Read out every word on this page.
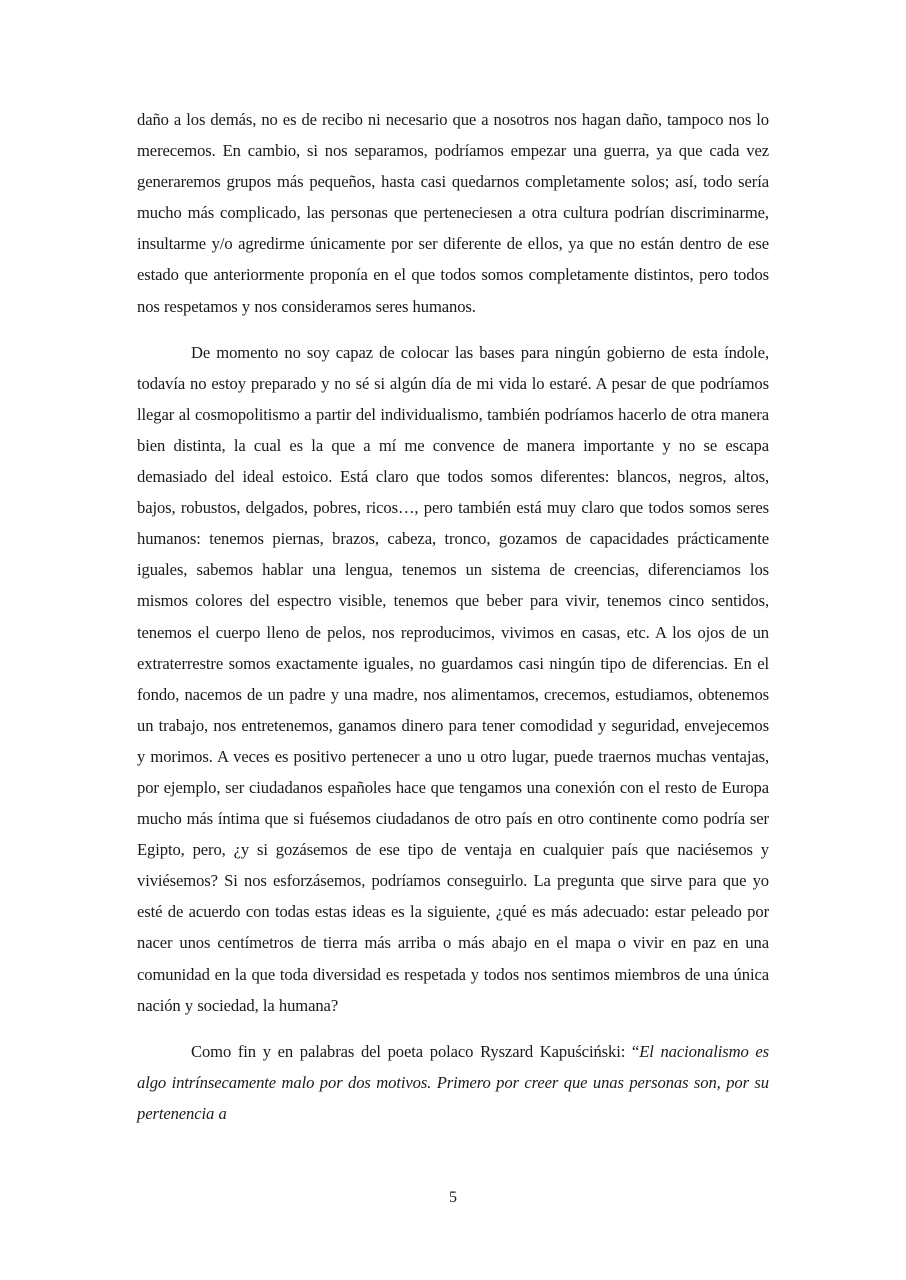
daño a los demás, no es de recibo ni necesario que a nosotros nos hagan daño, tampoco nos lo merecemos. En cambio, si nos separamos, podríamos empezar una guerra, ya que cada vez generaremos grupos más pequeños, hasta casi quedarnos completamente solos; así, todo sería mucho más complicado, las personas que perteneciesen a otra cultura podrían discriminarme, insultarme y/o agredirme únicamente por ser diferente de ellos, ya que no están dentro de ese estado que anteriormente proponía en el que todos somos completamente distintos, pero todos nos respetamos y nos consideramos seres humanos.

De momento no soy capaz de colocar las bases para ningún gobierno de esta índole, todavía no estoy preparado y no sé si algún día de mi vida lo estaré. A pesar de que podríamos llegar al cosmopolitismo a partir del individualismo, también podríamos hacerlo de otra manera bien distinta, la cual es la que a mí me convence de manera importante y no se escapa demasiado del ideal estoico. Está claro que todos somos diferentes: blancos, negros, altos, bajos, robustos, delgados, pobres, ricos…, pero también está muy claro que todos somos seres humanos: tenemos piernas, brazos, cabeza, tronco, gozamos de capacidades prácticamente iguales, sabemos hablar una lengua, tenemos un sistema de creencias, diferenciamos los mismos colores del espectro visible, tenemos que beber para vivir, tenemos cinco sentidos, tenemos el cuerpo lleno de pelos, nos reproducimos, vivimos en casas, etc. A los ojos de un extraterrestre somos exactamente iguales, no guardamos casi ningún tipo de diferencias. En el fondo, nacemos de un padre y una madre, nos alimentamos, crecemos, estudiamos, obtenemos un trabajo, nos entretenemos, ganamos dinero para tener comodidad y seguridad, envejecemos y morimos. A veces es positivo pertenecer a uno u otro lugar, puede traernos muchas ventajas, por ejemplo, ser ciudadanos españoles hace que tengamos una conexión con el resto de Europa mucho más íntima que si fuésemos ciudadanos de otro país en otro continente como podría ser Egipto, pero, ¿y si gozásemos de ese tipo de ventaja en cualquier país que naciésemos y viviésemos? Si nos esforzásemos, podríamos conseguirlo. La pregunta que sirve para que yo esté de acuerdo con todas estas ideas es la siguiente, ¿qué es más adecuado: estar peleado por nacer unos centímetros de tierra más arriba o más abajo en el mapa o vivir en paz en una comunidad en la que toda diversidad es respetada y todos nos sentimos miembros de una única nación y sociedad, la humana?

Como fin y en palabras del poeta polaco Ryszard Kapuściński: “El nacionalismo es algo intrínsecamente malo por dos motivos. Primero por creer que unas personas son, por su pertenencia a

5
